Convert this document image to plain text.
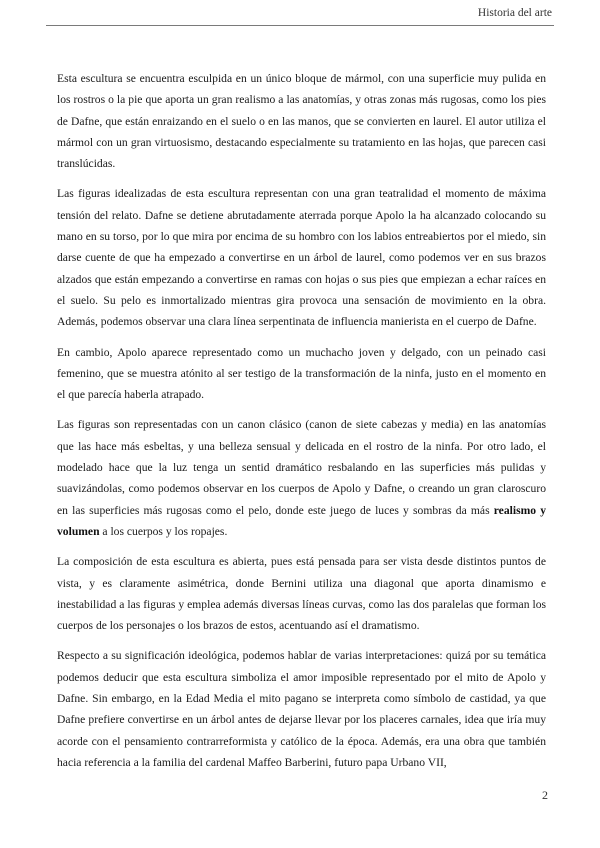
Historia del arte

Esta escultura se encuentra esculpida en un único bloque de mármol, con una superficie muy pulida en los rostros o la pie que aporta un gran realismo a las anatomías, y otras zonas más rugosas, como los pies de Dafne, que están enraizando en el suelo o en las manos, que se convierten en laurel. El autor utiliza el mármol con un gran virtuosismo, destacando especialmente su tratamiento en las hojas, que parecen casi translúcidas.

Las figuras idealizadas de esta escultura representan con una gran teatralidad el momento de máxima tensión del relato. Dafne se detiene abrutadamente aterrada porque Apolo la ha alcanzado colocando su mano en su torso, por lo que mira por encima de su hombro con los labios entreabiertos por el miedo, sin darse cuente de que ha empezado a convertirse en un árbol de laurel, como podemos ver en sus brazos alzados que están empezando a convertirse en ramas con hojas o sus pies que empiezan a echar raíces en el suelo. Su pelo es inmortalizado mientras gira provoca una sensación de movimiento en la obra. Además, podemos observar una clara línea serpentinata de influencia manierista en el cuerpo de Dafne.

En cambio, Apolo aparece representado como un muchacho joven y delgado, con un peinado casi femenino, que se muestra atónito al ser testigo de la transformación de la ninfa, justo en el momento en el que parecía haberla atrapado.

Las figuras son representadas con un canon clásico (canon de siete cabezas y media) en las anatomías que las hace más esbeltas, y una belleza sensual y delicada en el rostro de la ninfa. Por otro lado, el modelado hace que la luz tenga un sentid dramático resbalando en las superficies más pulidas y suavizándolas, como podemos observar en los cuerpos de Apolo y Dafne, o creando un gran claroscuro en las superficies más rugosas como el pelo, donde este juego de luces y sombras da más realismo y volumen a los cuerpos y los ropajes.

La composición de esta escultura es abierta, pues está pensada para ser vista desde distintos puntos de vista, y es claramente asimétrica, donde Bernini utiliza una diagonal que aporta dinamismo e inestabilidad a las figuras y emplea además diversas líneas curvas, como las dos paralelas que forman los cuerpos de los personajes o los brazos de estos, acentuando así el dramatismo.

Respecto a su significación ideológica, podemos hablar de varias interpretaciones: quizá por su temática podemos deducir que esta escultura simboliza el amor imposible representado por el mito de Apolo y Dafne. Sin embargo, en la Edad Media el mito pagano se interpreta como símbolo de castidad, ya que Dafne prefiere convertirse en un árbol antes de dejarse llevar por los placeres carnales, idea que iría muy acorde con el pensamiento contrarreformista y católico de la época. Además, era una obra que también hacia referencia a la familia del cardenal Maffeo Barberini, futuro papa Urbano VII,

2
